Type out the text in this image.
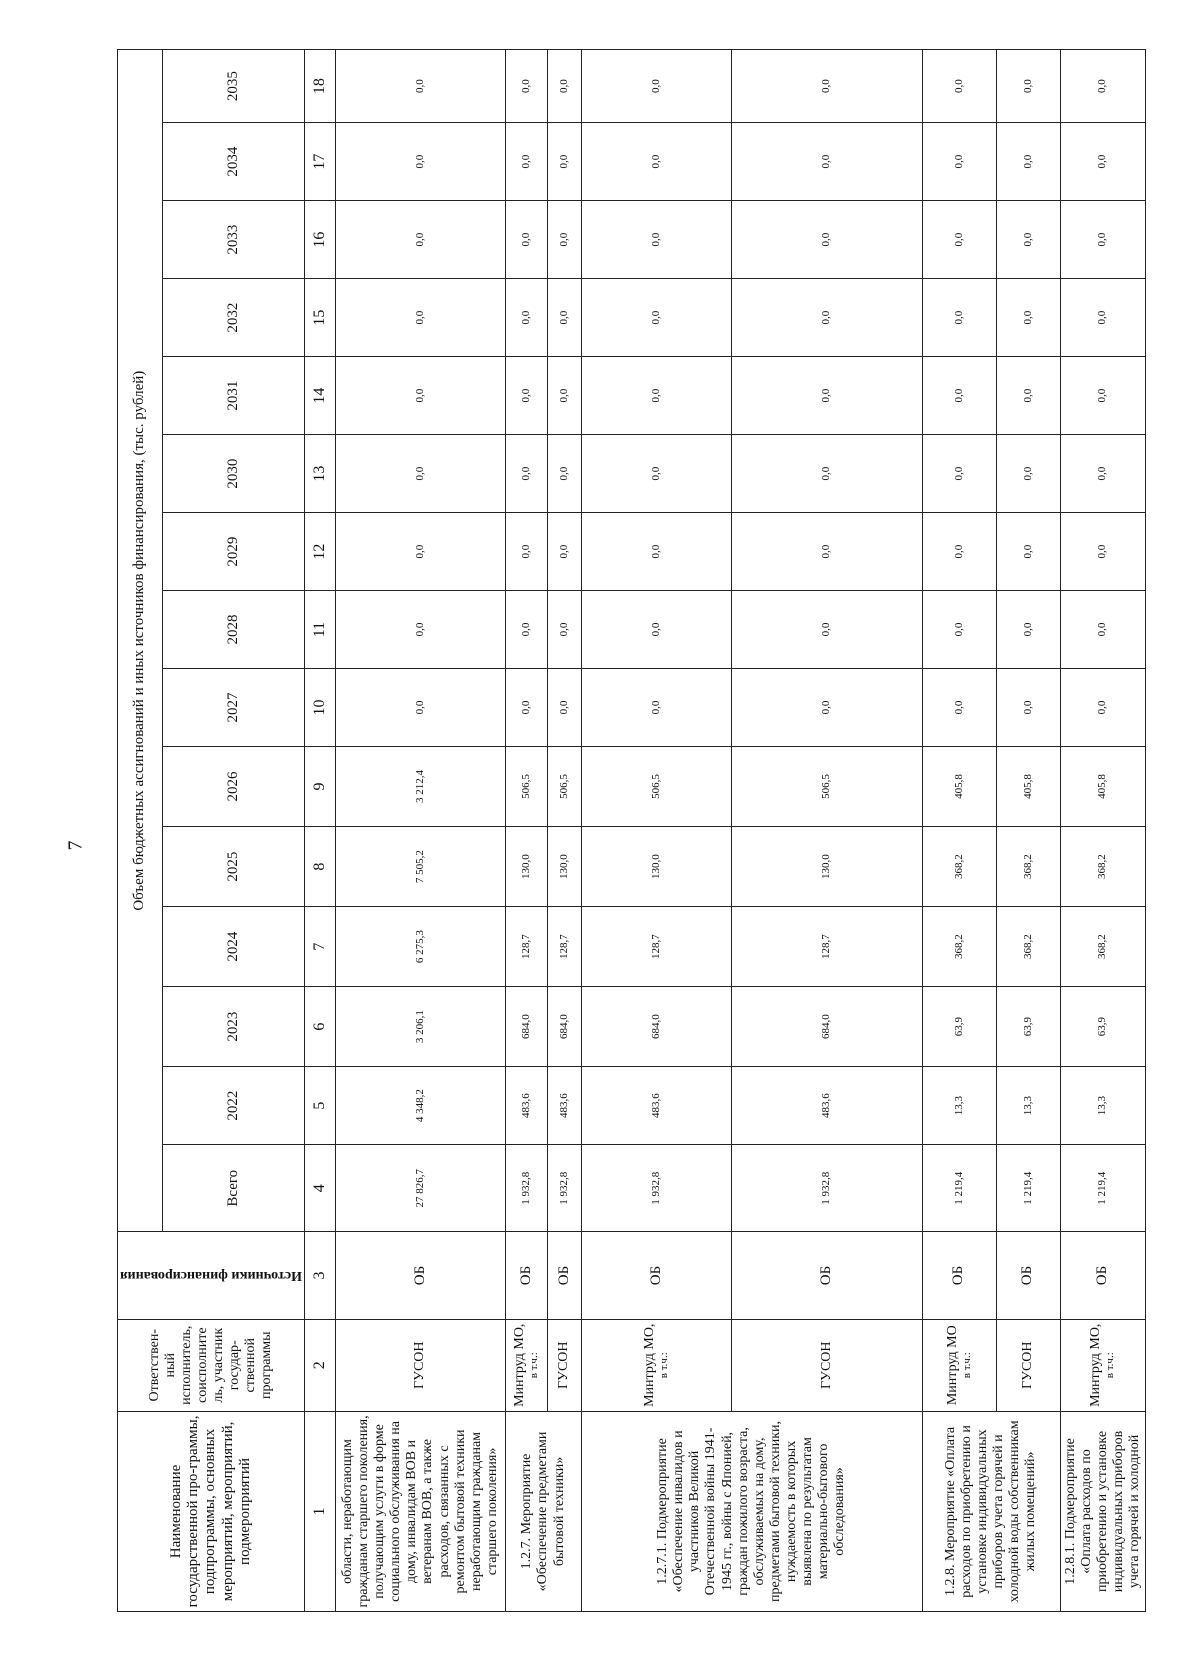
7
Наименование государственной про-граммы, подпрограммы, основных мероприятий, мероприятий, подмероприятий	Ответствен-ный исполнитель, соисполните ль, участник государ-ственной программы	Источники финансирования	Объем бюджетных ассигнований и иных источников финансирования, (тыс. рублей)														
			Всего	2022	2023	2024	2025	2026	2027	2028	2029	2030	2031	2032	2033	2034	2035
1	2	3	4	5	6	7	8	9	10	11	12	13	14	15	16	17	18
области, неработающим гражданам старшего поколения, получающим услуги в форме социального обслуживания на дому, инвалидам ВОВ и ветеранам ВОВ, а также расходов, связанных с ремонтом бытовой техники неработающим гражданам старшего поколения»	ГУСОН	ОБ	27 826,7	4 348,2	3 206,1	6 275,3	7 505,2	3 212,4	0,0	0,0	0,0	0,0	0,0	0,0	0,0	0,0	0,0
1.2.7. Мероприятие «Обеспечение предметами бытовой техники»	Минтруд МО, в т.ч.:	ОБ	1 932,8	483,6	684,0	128,7	130,0	506,5	0,0	0,0	0,0	0,0	0,0	0,0	0,0	0,0	0,0
	ГУСОН	ОБ	1 932,8	483,6	684,0	128,7	130,0	506,5	0,0	0,0	0,0	0,0	0,0	0,0	0,0	0,0	0,0
1.2.7.1. Подмероприятие «Обеспечение инвалидов и участников Великой Отечественной войны 1941-1945 гг., войны с Японией, граждан пожилого возраста, обслуживаемых на дому, предметами бытовой техники, нуждаемость в которых выявлена по результатам материально-бытового обследования»	Минтруд МО, в т.ч.:	ОБ	1 932,8	483,6	684,0	128,7	130,0	506,5	0,0	0,0	0,0	0,0	0,0	0,0	0,0	0,0	0,0
	ГУСОН	ОБ	1 932,8	483,6	684,0	128,7	130,0	506,5	0,0	0,0	0,0	0,0	0,0	0,0	0,0	0,0	0,0
1.2.8. Мероприятие «Оплата расходов по приобретению и установке индивидуальных приборов учета горячей и холодной воды собственникам жилых помещений»	Минтруд МО в т.ч.:	ОБ	1 219,4	13,3	63,9	368,2	368,2	405,8	0,0	0,0	0,0	0,0	0,0	0,0	0,0	0,0	0,0
	ГУСОН	ОБ	1 219,4	13,3	63,9	368,2	368,2	405,8	0,0	0,0	0,0	0,0	0,0	0,0	0,0	0,0	0,0
1.2.8.1. Подмероприятие «Оплата расходов по приобретению и установке индивидуальных приборов учета горячей и холодной	Минтруд МО, в т.ч.:	ОБ	1 219,4	13,3	63,9	368,2	368,2	405,8	0,0	0,0	0,0	0,0	0,0	0,0	0,0	0,0	0,0
